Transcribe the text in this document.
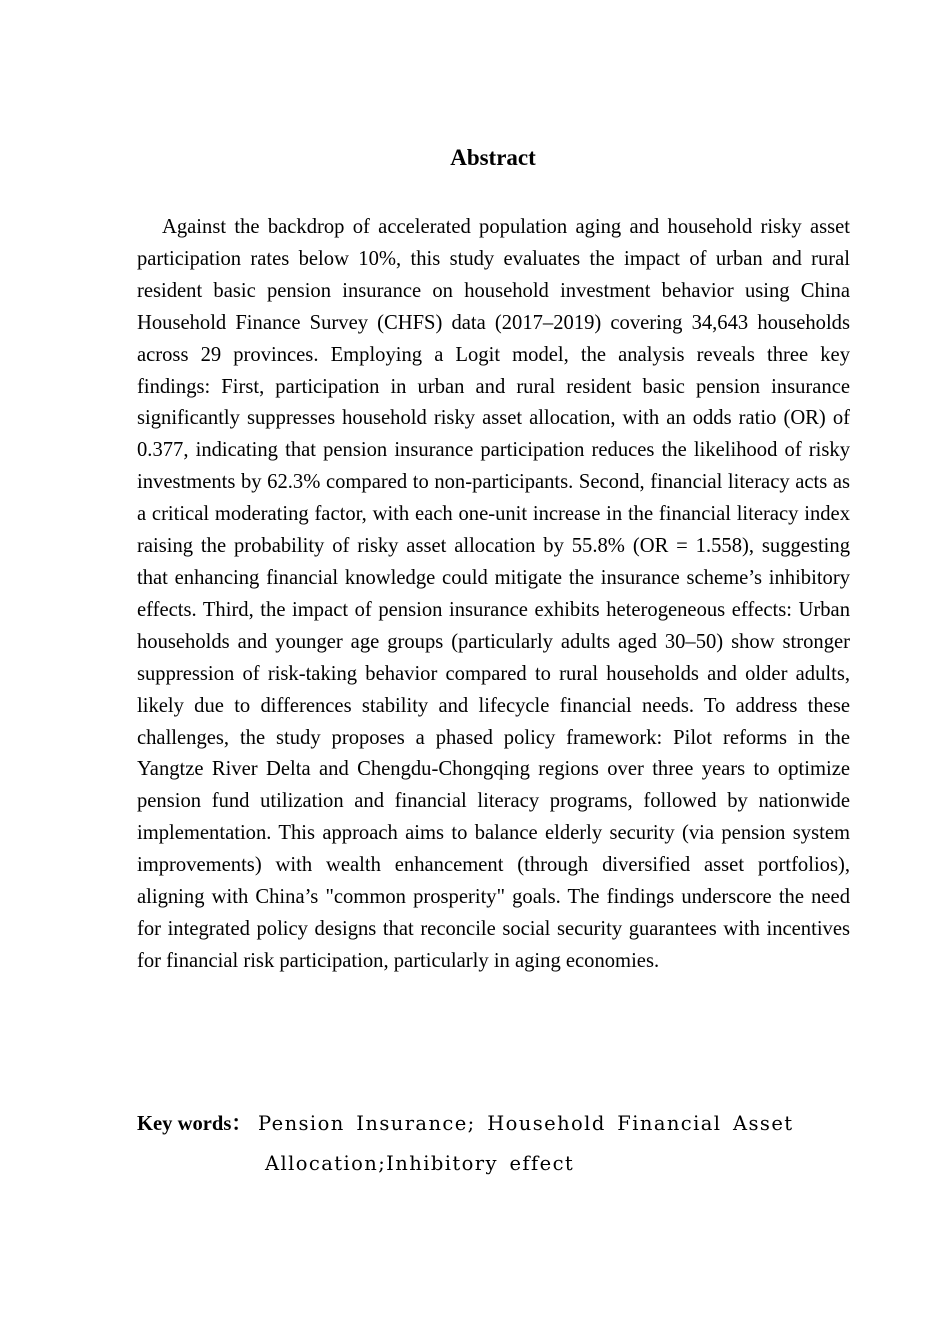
Abstract

Against the backdrop of accelerated population aging and household risky asset participation rates below 10%, this study evaluates the impact of urban and rural resident basic pension insurance on household investment behavior using China Household Finance Survey (CHFS) data (2017–2019) covering 34,643 households across 29 provinces. Employing a Logit model, the analysis reveals three key findings: First, participation in urban and rural resident basic pension insurance significantly suppresses household risky asset allocation, with an odds ratio (OR) of 0.377, indicating that pension insurance participation reduces the likelihood of risky investments by 62.3% compared to non-participants. Second, financial literacy acts as a critical moderating factor, with each one-unit increase in the financial literacy index raising the probability of risky asset allocation by 55.8% (OR = 1.558), suggesting that enhancing financial knowledge could mitigate the insurance scheme’s inhibitory effects. Third, the impact of pension insurance exhibits heterogeneous effects: Urban households and younger age groups (particularly adults aged 30–50) show stronger suppression of risk-taking behavior compared to rural households and older adults, likely due to differences stability and lifecycle financial needs. To address these challenges, the study proposes a phased policy framework: Pilot reforms in the Yangtze River Delta and Chengdu-Chongqing regions over three years to optimize pension fund utilization and financial literacy programs, followed by nationwide implementation. This approach aims to balance elderly security (via pension system improvements) with wealth enhancement (through diversified asset portfolios), aligning with China’s "common prosperity" goals. The findings underscore the need for integrated policy designs that reconcile social security guarantees with incentives for financial risk participation, particularly in aging economies.

Key words： Pension Insurance; Household Financial Asset
Allocation;Inhibitory effect
